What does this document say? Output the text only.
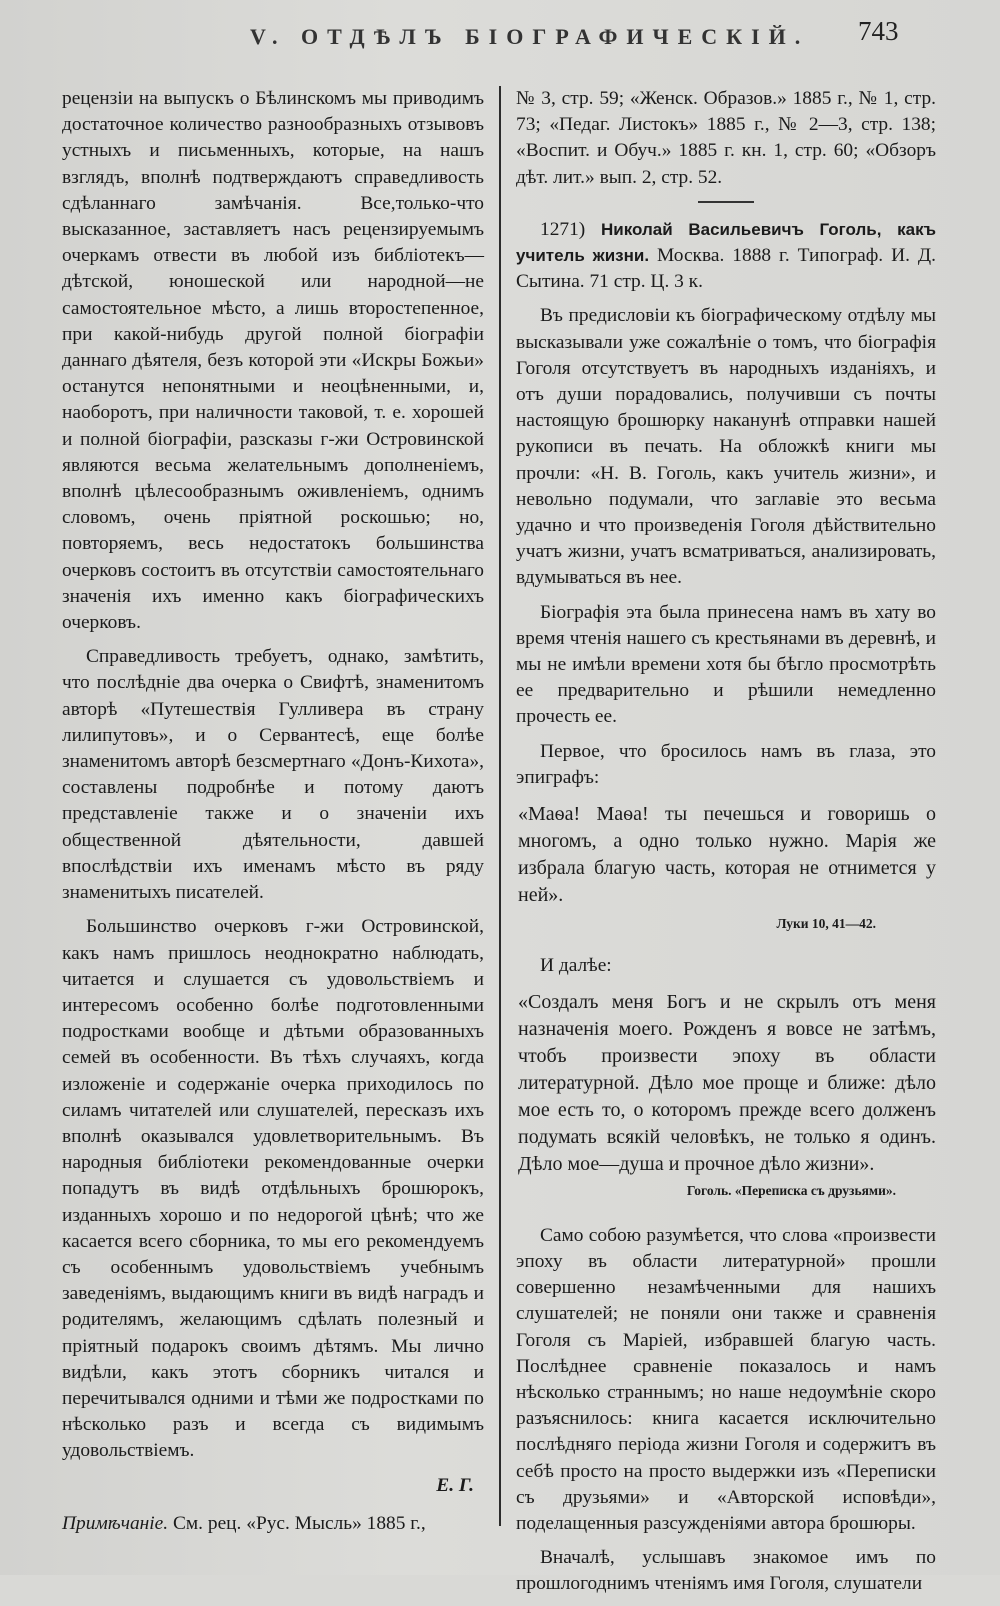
V. ОТДѢЛЪ БІОГРАФИЧЕСКІЙ. 743

рецензіи на выпускъ о Бѣлинскомъ мы приводимъ достаточное количество разнообразныхъ отзывовъ устныхъ и письменныхъ, которые, на нашъ взглядъ, вполнѣ подтверждаютъ справедливость сдѣланнаго замѣчанія. Все,только-что высказанное, заставляетъ насъ рецензируемымъ очеркамъ отвести въ любой изъ библіотекъ—дѣтской, юношеской или народной—не самостоятельное мѣсто, а лишь второстепенное, при какой-нибудь другой полной біографіи даннаго дѣятеля, безъ которой эти «Искры Божьи» останутся непонятными и неоцѣненными, и, наоборотъ, при наличности таковой, т. е. хорошей и полной біографіи, разсказы г-жи Островинской являются весьма желательнымъ дополненіемъ, вполнѣ цѣлесообразнымъ оживленіемъ, однимъ словомъ, очень пріятной роскошью; но, повторяемъ, весь недостатокъ большинства очерковъ состоитъ въ отсутствіи самостоятельнаго значенія ихъ именно какъ біографическихъ очерковъ.

Справедливость требуетъ, однако, замѣтить, что послѣдніе два очерка о Свифтѣ, знаменитомъ авторѣ «Путешествія Гулливера въ страну лилипутовъ», и о Сервантесѣ, еще болѣе знаменитомъ авторѣ безсмертнаго «Донъ-Кихота», составлены подробнѣе и потому даютъ представленіе также и о значеніи ихъ общественной дѣятельности, давшей впослѣдствіи ихъ именамъ мѣсто въ ряду знаменитыхъ писателей.

Большинство очерковъ г-жи Островинской, какъ намъ пришлось неоднократно наблюдать, читается и слушается съ удовольствіемъ и интересомъ особенно болѣе подготовленными подростками вообще и дѣтьми образованныхъ семей въ особенности. Въ тѣхъ случаяхъ, когда изложеніе и содержаніе очерка приходилось по силамъ читателей или слушателей, пересказъ ихъ вполнѣ оказывался удовлетворительнымъ. Въ народныя библіотеки рекомендованные очерки попадутъ въ видѣ отдѣльныхъ брошюрокъ, изданныхъ хорошо и по недорогой цѣнѣ; что же касается всего сборника, то мы его рекомендуемъ съ особеннымъ удовольствіемъ учебнымъ заведеніямъ, выдающимъ книги въ видѣ наградъ и родителямъ, желающимъ сдѣлать полезный и пріятный подарокъ своимъ дѣтямъ. Мы лично видѣли, какъ этотъ сборникъ читался и перечитывался одними и тѣми же подростками по нѣсколько разъ и всегда съ видимымъ удовольствіемъ.

Е. Г.

Примѣчаніе. См. рец. «Рус. Мысль» 1885 г.,

№ 3, стр. 59; «Женск. Образов.» 1885 г., № 1, стр. 73; «Педаг. Листокъ» 1885 г., № 2—3, стр. 138; «Воспит. и Обуч.» 1885 г. кн. 1, стр. 60; «Обзоръ дѣт. лит.» вып. 2, стр. 52.

1271) Николай Васильевичъ Гоголь, какъ учитель жизни. Москва. 1888 г. Типограф. И. Д. Сытина. 71 стр. Ц. 3 к.

Въ предисловіи къ біографическому отдѣлу мы высказывали уже сожалѣніе о томъ, что біографія Гоголя отсутствуетъ въ народныхъ изданіяхъ, и отъ души порадовались, получивши съ почты настоящую брошюрку наканунѣ отправки нашей рукописи въ печать. На обложкѣ книги мы прочли: «Н. В. Гоголь, какъ учитель жизни», и невольно подумали, что заглавіе это весьма удачно и что произведенія Гоголя дѣйствительно учатъ жизни, учатъ всматриваться, анализировать, вдумываться въ нее.

Біографія эта была принесена намъ въ хату во время чтенія нашего съ крестьянами въ деревнѣ, и мы не имѣли времени хотя бы бѣгло просмотрѣть ее предварительно и рѣшили немедленно прочесть ее.

Первое, что бросилось намъ въ глаза, это эпиграфъ:

«Маѳа! Маѳа! ты печешься и говоришь о многомъ, а одно только нужно. Марія же избрала благую часть, которая не отнимется у ней».

Луки 10, 41—42.

И далѣе:

«Создалъ меня Богъ и не скрылъ отъ меня назначенія моего. Рожденъ я вовсе не затѣмъ, чтобъ произвести эпоху въ области литературной. Дѣло мое проще и ближе: дѣло мое есть то, о которомъ прежде всего долженъ подумать всякій человѣкъ, не только я одинъ. Дѣло мое—душа и прочное дѣло жизни».

Гоголь. «Переписка съ друзьями».

Само собою разумѣется, что слова «произвести эпоху въ области литературной» прошли совершенно незамѣченными для нашихъ слушателей; не поняли они также и сравненія Гоголя съ Маріей, избравшей благую часть. Послѣднее сравненіе показалось и намъ нѣсколько страннымъ; но наше недоумѣніе скоро разъяснилось: книга касается исключительно послѣдняго періода жизни Гоголя и содержитъ въ себѣ просто на просто выдержки изъ «Переписки съ друзьями» и «Авторской исповѣди», поделащенныя разсужденіями автора брошюры.

Вначалѣ, услышавъ знакомое имъ по прошлогоднимъ чтеніямъ имя Гоголя, слушатели
